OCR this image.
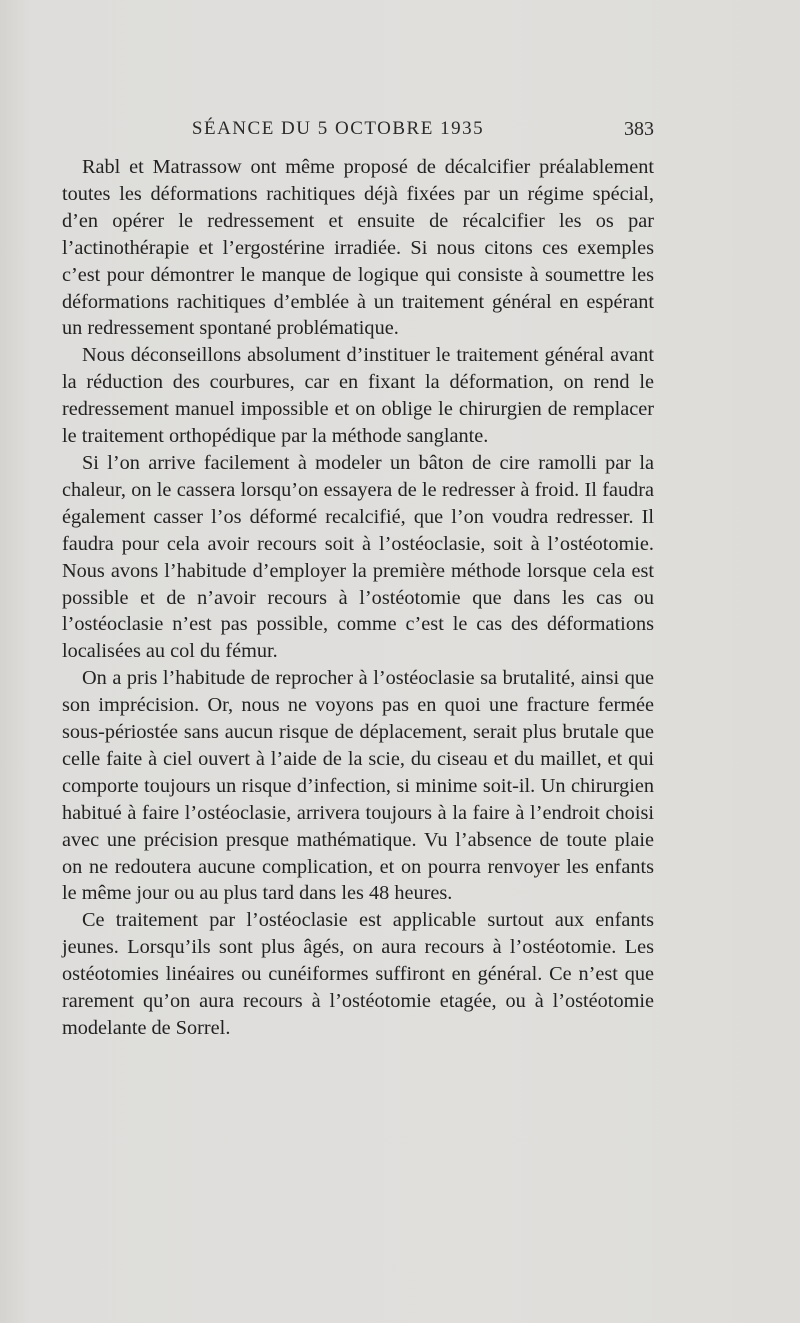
SÉANCE DU 5 OCTOBRE 1935	383

Rabl et Matrassow ont même proposé de décalcifier préalablement toutes les déformations rachitiques déjà fixées par un régime spécial, d’en opérer le redressement et ensuite de récalcifier les os par l’actinothérapie et l’ergostérine irradiée. Si nous citons ces exemples c’est pour démontrer le manque de logique qui consiste à soumettre les déformations rachitiques d’emblée à un traitement général en espérant un redressement spontané problématique.

Nous déconseillons absolument d’instituer le traitement général avant la réduction des courbures, car en fixant la déformation, on rend le redressement manuel impossible et on oblige le chirurgien de remplacer le traitement orthopédique par la méthode sanglante.

Si l’on arrive facilement à modeler un bâton de cire ramolli par la chaleur, on le cassera lorsqu’on essayera de le redresser à froid. Il faudra également casser l’os déformé recalcifié, que l’on voudra redresser. Il faudra pour cela avoir recours soit à l’ostéoclasie, soit à l’ostéotomie. Nous avons l’habitude d’employer la première méthode lorsque cela est possible et de n’avoir recours à l’ostéotomie que dans les cas ou l’ostéoclasie n’est pas possible, comme c’est le cas des déformations localisées au col du fémur.

On a pris l’habitude de reprocher à l’ostéoclasie sa brutalité, ainsi que son imprécision. Or, nous ne voyons pas en quoi une fracture fermée sous-périostée sans aucun risque de déplacement, serait plus brutale que celle faite à ciel ouvert à l’aide de la scie, du ciseau et du maillet, et qui comporte toujours un risque d’infection, si minime soit-il. Un chirurgien habitué à faire l’ostéoclasie, arrivera toujours à la faire à l’endroit choisi avec une précision presque mathématique. Vu l’absence de toute plaie on ne redoutera aucune complication, et on pourra renvoyer les enfants le même jour ou au plus tard dans les 48 heures.

Ce traitement par l’ostéoclasie est applicable surtout aux enfants jeunes. Lorsqu’ils sont plus âgés, on aura recours à l’ostéotomie. Les ostéotomies linéaires ou cunéiformes suffiront en général. Ce n’est que rarement qu’on aura recours à l’ostéotomie etagée, ou à l’ostéotomie modelante de Sorrel.
